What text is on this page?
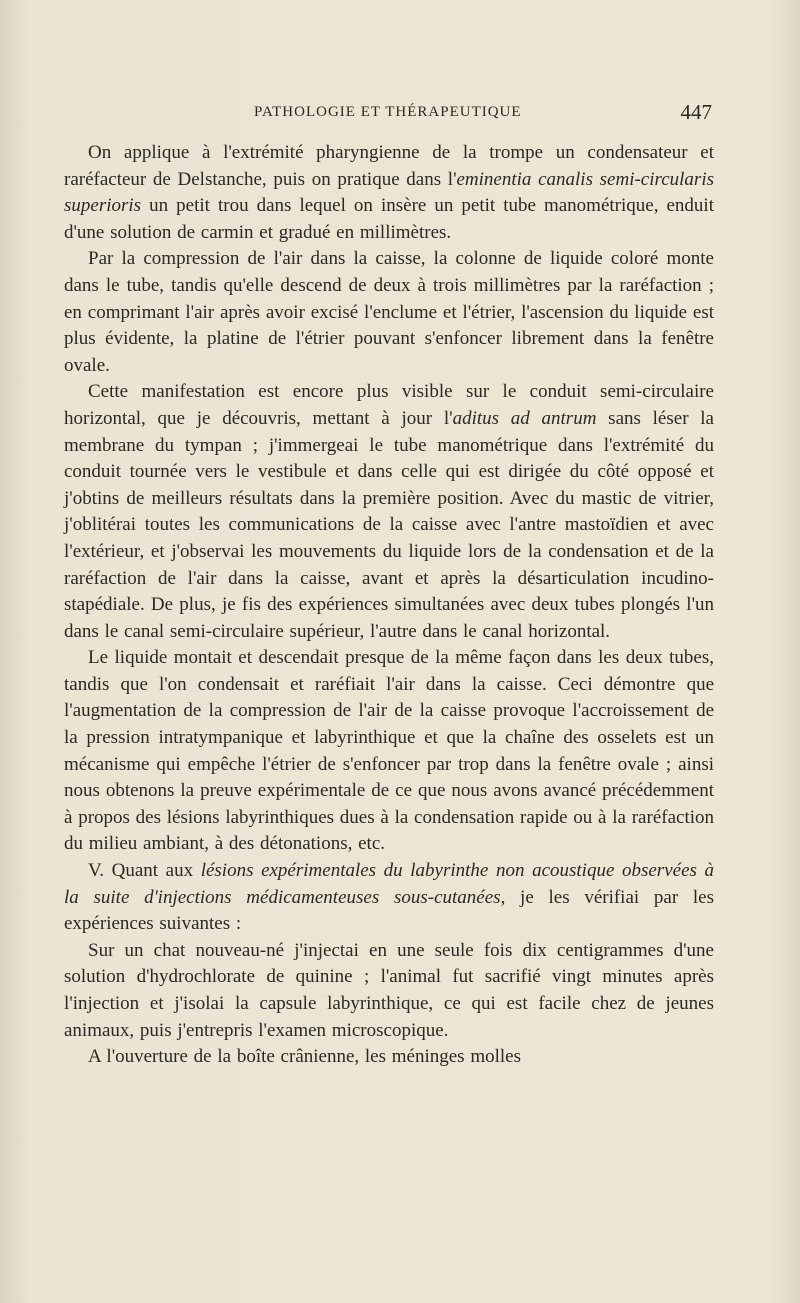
PATHOLOGIE ET THÉRAPEUTIQUE	447

On applique à l'extrémité pharyngienne de la trompe un condensateur et raréfacteur de Delstanche, puis on pratique dans l'eminentia canalis semi-circularis superioris un petit trou dans lequel on insère un petit tube manométrique, enduit d'une solution de carmin et gradué en millimètres.

Par la compression de l'air dans la caisse, la colonne de liquide coloré monte dans le tube, tandis qu'elle descend de deux à trois millimètres par la raréfaction ; en comprimant l'air après avoir excisé l'enclume et l'étrier, l'ascension du liquide est plus évidente, la platine de l'étrier pouvant s'enfoncer librement dans la fenêtre ovale.

Cette manifestation est encore plus visible sur le conduit semi-circulaire horizontal, que je découvris, mettant à jour l'aditus ad antrum sans léser la membrane du tympan ; j'immergeai le tube manométrique dans l'extrémité du conduit tournée vers le vestibule et dans celle qui est dirigée du côté opposé et j'obtins de meilleurs résultats dans la première position. Avec du mastic de vitrier, j'oblitérai toutes les communications de la caisse avec l'antre mastoïdien et avec l'extérieur, et j'observai les mouvements du liquide lors de la condensation et de la raréfaction de l'air dans la caisse, avant et après la désarticulation incudino-stapédiale. De plus, je fis des expériences simultanées avec deux tubes plongés l'un dans le canal semi-circulaire supérieur, l'autre dans le canal horizontal.

Le liquide montait et descendait presque de la même façon dans les deux tubes, tandis que l'on condensait et raréfiait l'air dans la caisse. Ceci démontre que l'augmentation de la compression de l'air de la caisse provoque l'accroissement de la pression intratympanique et labyrinthique et que la chaîne des osselets est un mécanisme qui empêche l'étrier de s'enfoncer par trop dans la fenêtre ovale ; ainsi nous obtenons la preuve expérimentale de ce que nous avons avancé précédemment à propos des lésions labyrinthiques dues à la condensation rapide ou à la raréfaction du milieu ambiant, à des détonations, etc.

V. Quant aux lésions expérimentales du labyrinthe non acoustique observées à la suite d'injections médicamenteuses sous-cutanées, je les vérifiai par les expériences suivantes :

Sur un chat nouveau-né j'injectai en une seule fois dix centigrammes d'une solution d'hydrochlorate de quinine ; l'animal fut sacrifié vingt minutes après l'injection et j'isolai la capsule labyrinthique, ce qui est facile chez de jeunes animaux, puis j'entrepris l'examen microscopique.

A l'ouverture de la boîte crânienne, les méninges molles
